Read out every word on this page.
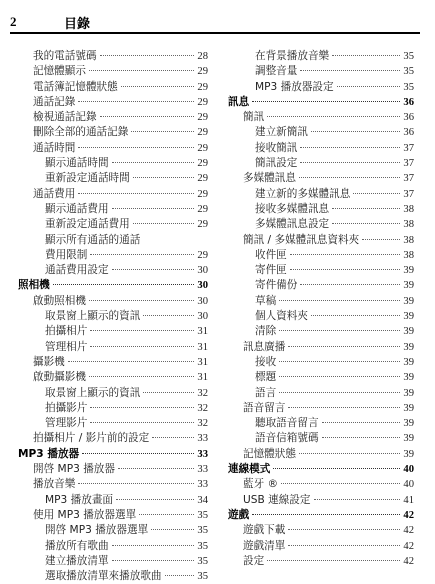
2	目錄
我的電話號碼	28
記憶體顯示	29
電話簿記憶體狀態	29
通話記錄	29
檢視通話記錄	29
刪除全部的通話記錄	29
通話時間	29
顯示通話時間	29
重新設定通話時間	29
通話費用	29
顯示通話費用	29
重新設定通話費用	29
顯示所有通話的通話
費用限制	29
通話費用設定	30
照相機	30
啟動照相機	30
取景窗上顯示的資訊	30
拍攝相片	31
管理相片	31
攝影機	31
啟動攝影機	31
取景窗上顯示的資訊	32
拍攝影片	32
管理影片	32
拍攝相片 / 影片前的設定	33
MP3 播放器	33
開啓 MP3 播放器	33
播放音樂	33
MP3 播放畫面	34
使用 MP3 播放器選單	35
開啓 MP3 播放器選單	35
播放所有歌曲	35
建立播放清單	35
選取播放清單來播放歌曲	35
在背景播放音樂	35
調整音量	35
MP3 播放器設定	35
訊息	36
簡訊	36
建立新簡訊	36
接收簡訊	37
簡訊設定	37
多媒體訊息	37
建立新的多媒體訊息	37
接收多媒體訊息	38
多媒體訊息設定	38
簡訊 / 多媒體訊息資料夾	38
收件匣	38
寄件匣	39
寄件備份	39
草稿	39
個人資料夾	39
清除	39
訊息廣播	39
接收	39
標題	39
語言	39
語音留言	39
聽取語音留言	39
語音信箱號碼	39
記憶體狀態	39
連線模式	40
藍牙 ®	40
USB 連線設定	41
遊戲	42
遊戲下載	42
遊戲清單	42
設定	42
